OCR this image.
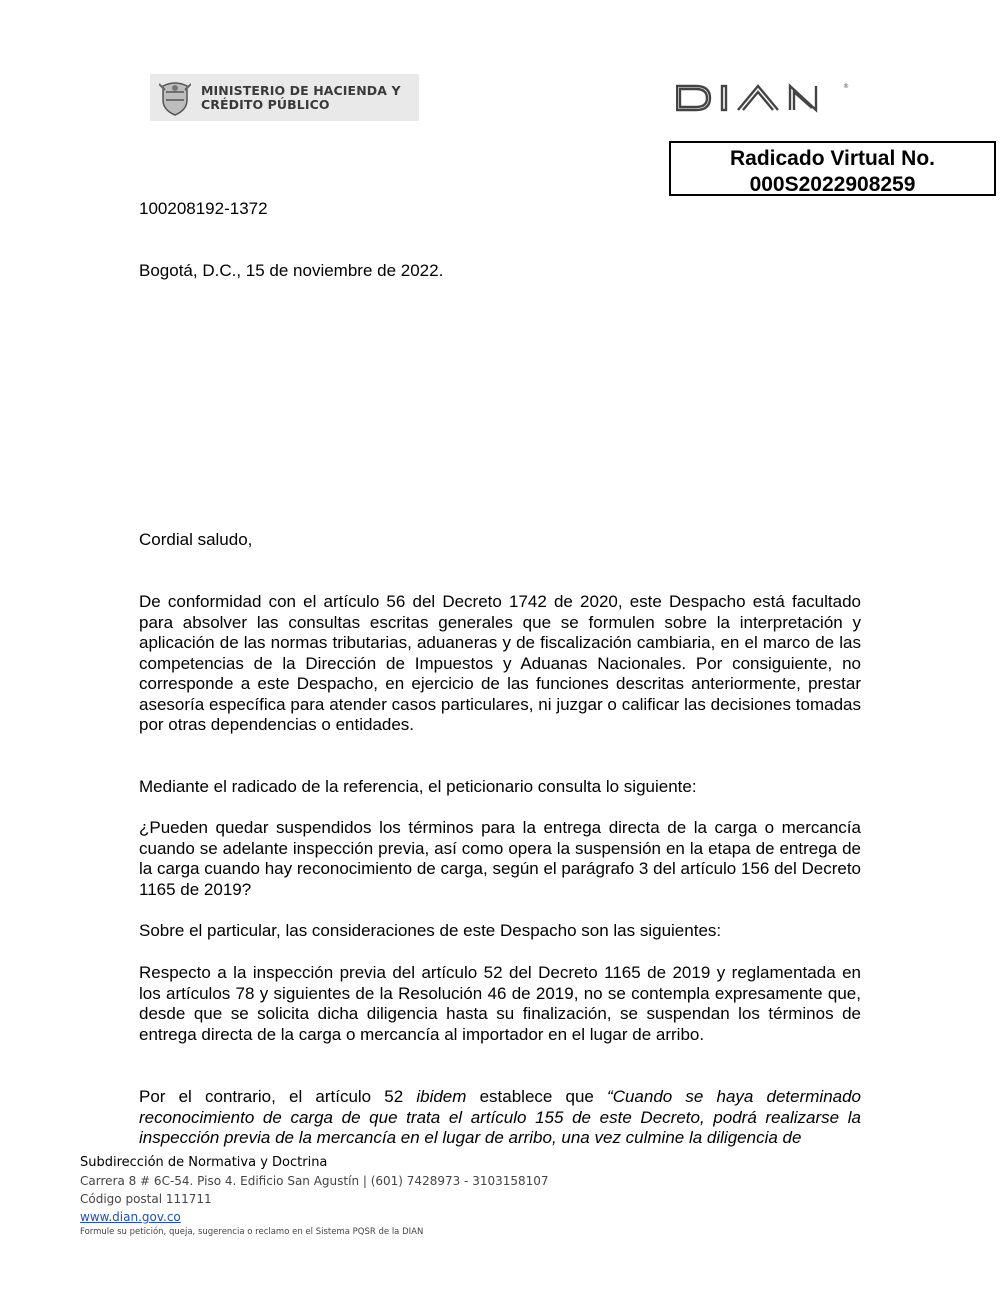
MINISTERIO DE HACIENDA Y
CRÉDITO PÚBLICO
®
Radicado Virtual No.
000S2022908259
100208192-1372
Bogotá, D.C., 15 de noviembre de 2022.
Cordial saludo,
De conformidad con el artículo 56 del Decreto 1742 de 2020, este Despacho está facultado para absolver las consultas escritas generales que se formulen sobre la interpretación y aplicación de las normas tributarias, aduaneras y de fiscalización cambiaria, en el marco de las competencias de la Dirección de Impuestos y Aduanas Nacionales. Por consiguiente, no corresponde a este Despacho, en ejercicio de las funciones descritas anteriormente, prestar asesoría específica para atender casos particulares, ni juzgar o calificar las decisiones tomadas por otras dependencias o entidades.
Mediante el radicado de la referencia, el peticionario consulta lo siguiente:
¿Pueden quedar suspendidos los términos para la entrega directa de la carga o mercancía cuando se adelante inspección previa, así como opera la suspensión en la etapa de entrega de la carga cuando hay reconocimiento de carga, según el parágrafo 3 del artículo 156 del Decreto 1165 de 2019?
Sobre el particular, las consideraciones de este Despacho son las siguientes:
Respecto a la inspección previa del artículo 52 del Decreto 1165 de 2019 y reglamentada en los artículos 78 y siguientes de la Resolución 46 de 2019, no se contempla expresamente que, desde que se solicita dicha diligencia hasta su finalización, se suspendan los términos de entrega directa de la carga o mercancía al importador en el lugar de arribo.
Por el contrario, el artículo 52 ibidem establece que “Cuando se haya determinado reconocimiento de carga de que trata el artículo 155 de este Decreto, podrá realizarse la inspección previa de la mercancía en el lugar de arribo, una vez culmine la diligencia de
Subdirección de Normativa y Doctrina
Carrera 8 # 6C-54. Piso 4. Edificio San Agustín | (601) 7428973 - 3103158107
Código postal 111711
www.dian.gov.co
Formule su petición, queja, sugerencia o reclamo en el Sistema PQSR de la DIAN
